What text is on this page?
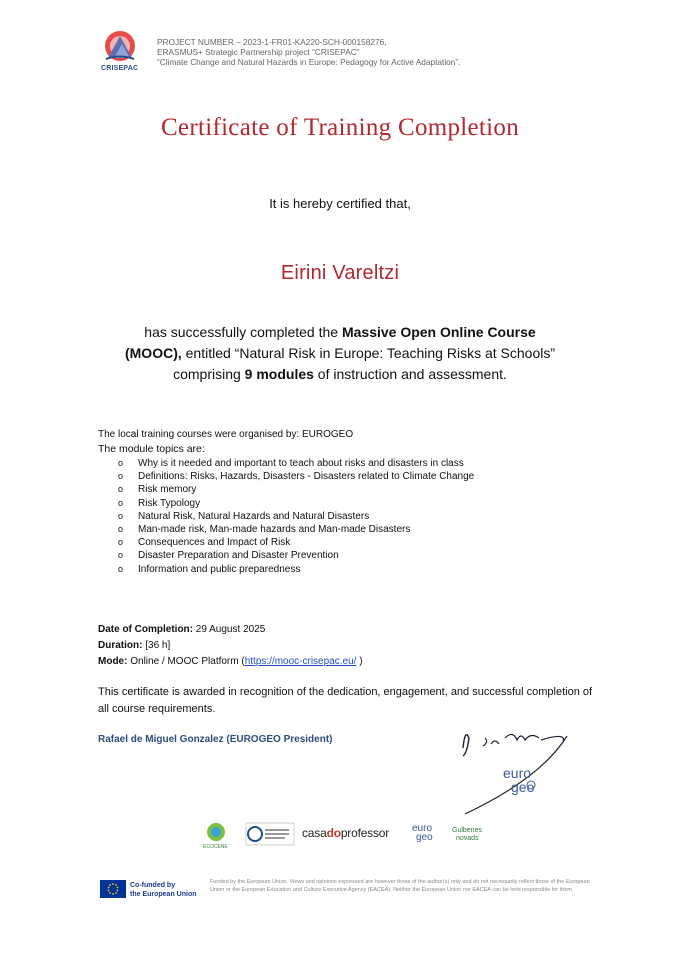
CRISEPAC
PROJECT NUMBER – 2023-1-FR01-KA220-SCH-000158276,
ERASMUS+ Strategic Partnership project “CRISEPAC”
“Climate Change and Natural Hazards in Europe: Pedagogy for Active Adaptation”.
Certificate of Training Completion
It is hereby certified that,
Eirini Vareltzi
has successfully completed the Massive Open Online Course
(MOOC), entitled “Natural Risk in Europe: Teaching Risks at Schools”
comprising 9 modules of instruction and assessment.
The local training courses were organised by: EUROGEO
The module topics are:
o Why is it needed and important to teach about risks and disasters in class
o Definitions: Risks, Hazards, Disasters - Disasters related to Climate Change
o Risk memory
o Risk Typology
o Natural Risk, Natural Hazards and Natural Disasters
o Man-made risk, Man-made hazards and Man-made Disasters
o Consequences and Impact of Risk
o Disaster Preparation and Disaster Prevention
o Information and public preparedness
Date of Completion: 29 August 2025
Duration: [36 h]
Mode: Online / MOOC Platform (https://mooc-crisepac.eu/ )
This certificate is awarded in recognition of the dedication, engagement, and successful completion of all course requirements.
Rafael de Miguel Gonzalez (EUROGEO President)
euro
geo
ECOCENE
casadoprofessor euro
geo
Gulbenes
novads
Co-funded by
the European Union
Funded by the European Union. Views and opinions expressed are however those of the author(s) only and do not necessarily reflect those of the European Union or the European Education and Culture Executive Agency (EACEA). Neither the European Union nor EACEA can be held responsible for them.
